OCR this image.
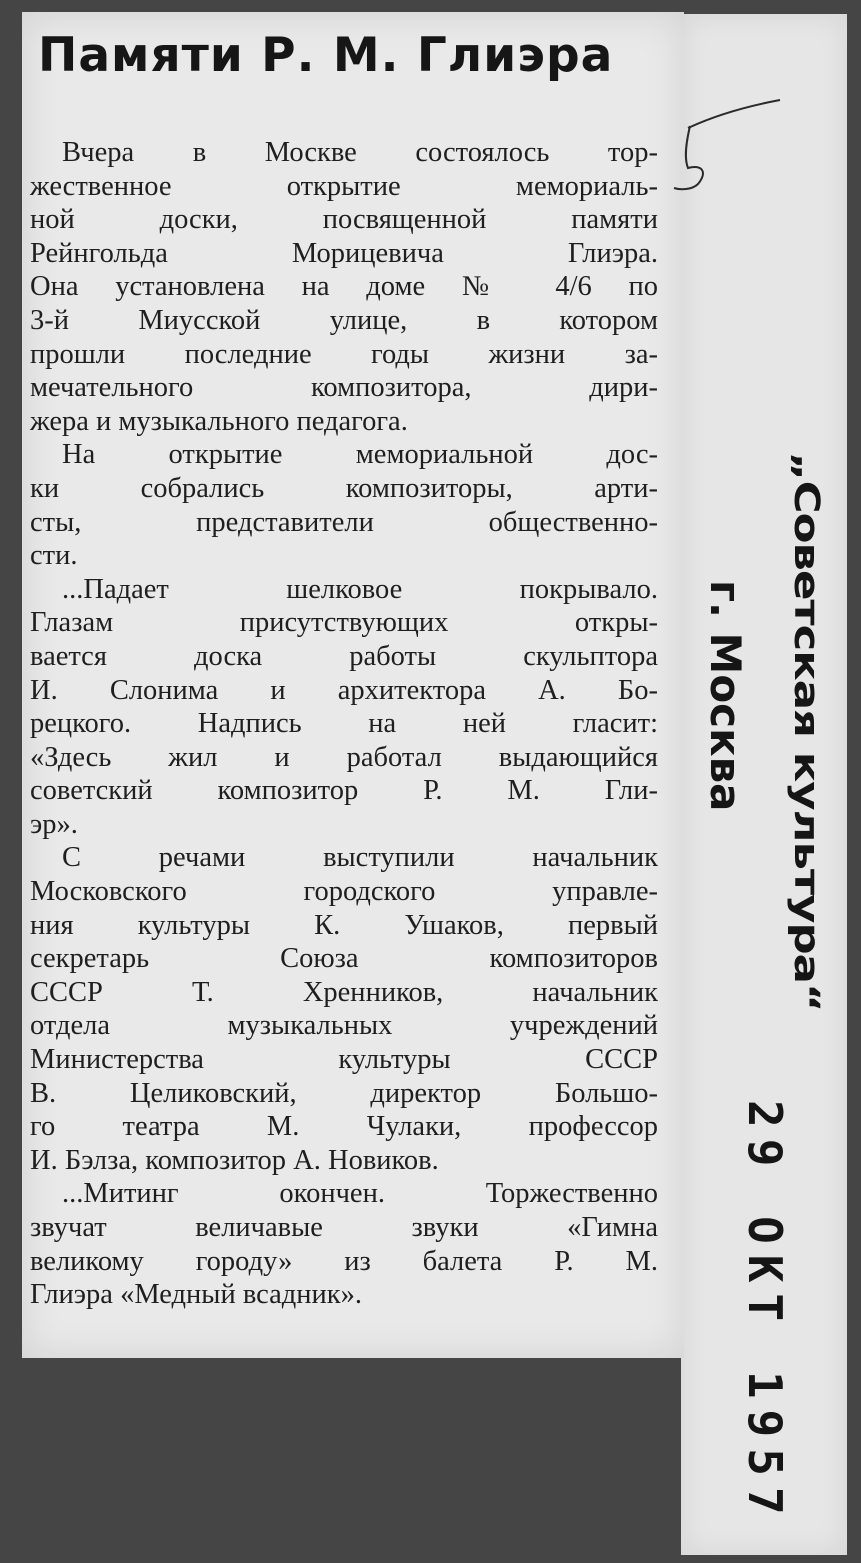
Памяти Р. М. Глиэра
Вчера в Москве состоялось тор-
жественное открытие мемориаль-
ной доски, посвященной памяти
Рейнгольда Морицевича Глиэра.
Она установлена на доме № 4/6 по
3-й Миусской улице, в котором
прошли последние годы жизни за-
мечательного композитора, дири-
жера и музыкального педагога.
На открытие мемориальной дос-
ки собрались композиторы, арти-
сты, представители общественно-
сти.
...Падает шелковое покрывало.
Глазам присутствующих откры-
вается доска работы скульптора
И. Слонима и архитектора А. Бо-
рецкого. Надпись на ней гласит:
«Здесь жил и работал выдающийся
советский композитор Р. М. Гли-
эр».
С речами выступили начальник
Московского городского управле-
ния культуры К. Ушаков, первый
секретарь Союза композиторов
СССР Т. Хренников, начальник
отдела музыкальных учреждений
Министерства культуры СССР
В. Целиковский, директор Большо-
го театра М. Чулаки, профессор
И. Бэлза, композитор А. Новиков.
...Митинг окончен. Торжественно
звучат величавые звуки «Гимна
великому городу» из балета Р. М.
Глиэра «Медный всадник».
„Советская культура“
г. Москва
29 ОКТ 1957
